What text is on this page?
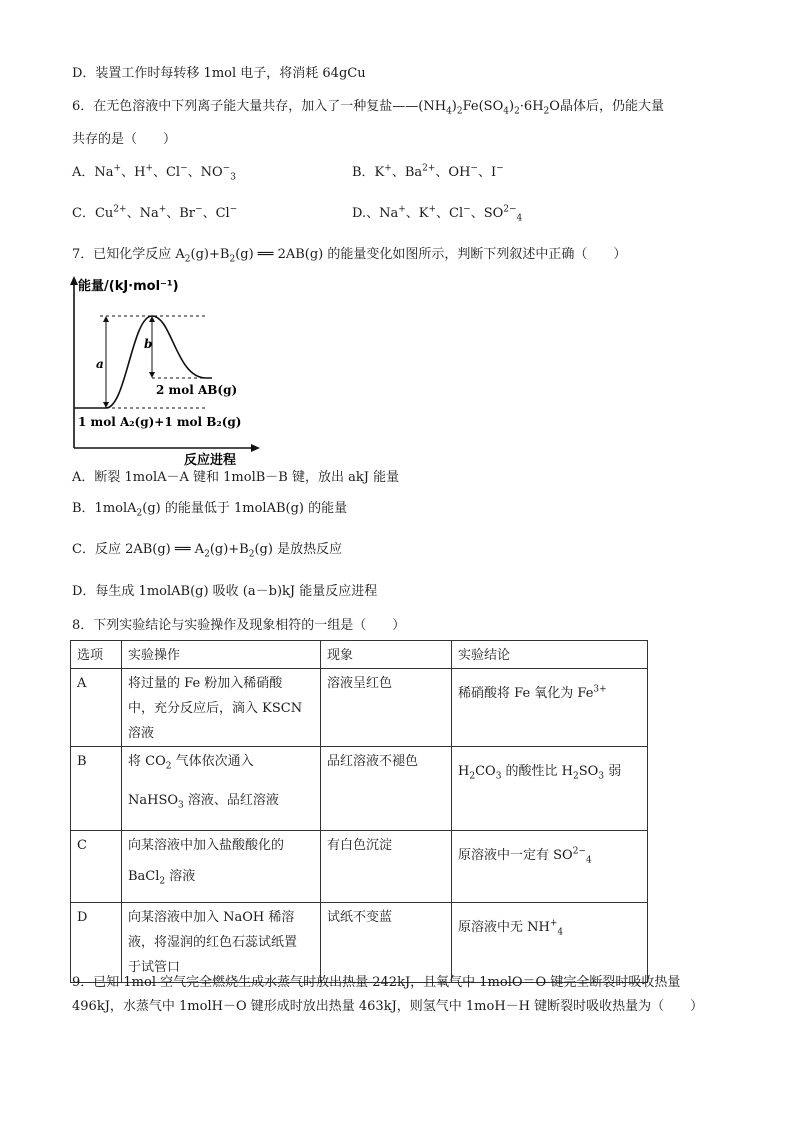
D．装置工作时每转移 1mol 电子，将消耗 64gCu
6．在无色溶液中下列离子能大量共存，加入了一种复盐$——(NH_4)_2Fe(SO_4)_2\cdot 6H_2O$晶体后，仍能大量
共存的是（　　）
A．Na+、H+、Cl−、$NO^-_3$	B．K+、$Ba^{2+}$、OH−、I−
C．$Cu^{2+}$、Na+、Br−、Cl−	D.、Na+、K+、Cl−、$SO^{2-}_4$
7．已知化学反应 $A_2(g)+B_2(g)$ ══ 2AB(g) 的能量变化如图所示，判断下列叙述中正确（　　）
能量/(kJ·mol⁻¹)
反应进程
a
b
2 mol AB(g)
1 mol A₂(g)+1 mol B₂(g)
A．断裂 1molA－A 键和 1molB－B 键，放出 akJ 能量
B．1molA$_2$(g) 的能量低于 1molAB(g) 的能量
C．反应 2AB(g) ══ $A_2(g)+B_2(g)$ 是放热反应
D．每生成 1molAB(g) 吸收 (a－b)kJ 能量反应进程
8．下列实验结论与实验操作及现象相符的一组是（　　）
选项	实验操作	现象	实验结论
A	将过量的 Fe 粉加入稀硝酸
中，充分反应后，滴入 KSCN
溶液	溶液呈红色	稀硝酸将 Fe 氧化为 $Fe^{3+}$
B	将 $CO_2$ 气体依次通入
NaHSO$_3$ 溶液、品红溶液	品红溶液不褪色	$H_2CO_3$ 的酸性比 $H_2SO_3$ 弱
C	向某溶液中加入盐酸酸化的
BaCl$_2$ 溶液	有白色沉淀	原溶液中一定有 $SO^{2-}_4$
D	向某溶液中加入 NaOH 稀溶
液，将湿润的红色石蕊试纸置
于试管口	试纸不变蓝	原溶液中无 $NH^+_4$
9．已知 1mol 空气完全燃烧生成水蒸气时放出热量 242kJ，且氧气中 1molO＝O 键完全断裂时吸收热量
496kJ，水蒸气中 1molH－O 键形成时放出热量 463kJ，则氢气中 1moH－H 键断裂时吸收热量为（　　）
